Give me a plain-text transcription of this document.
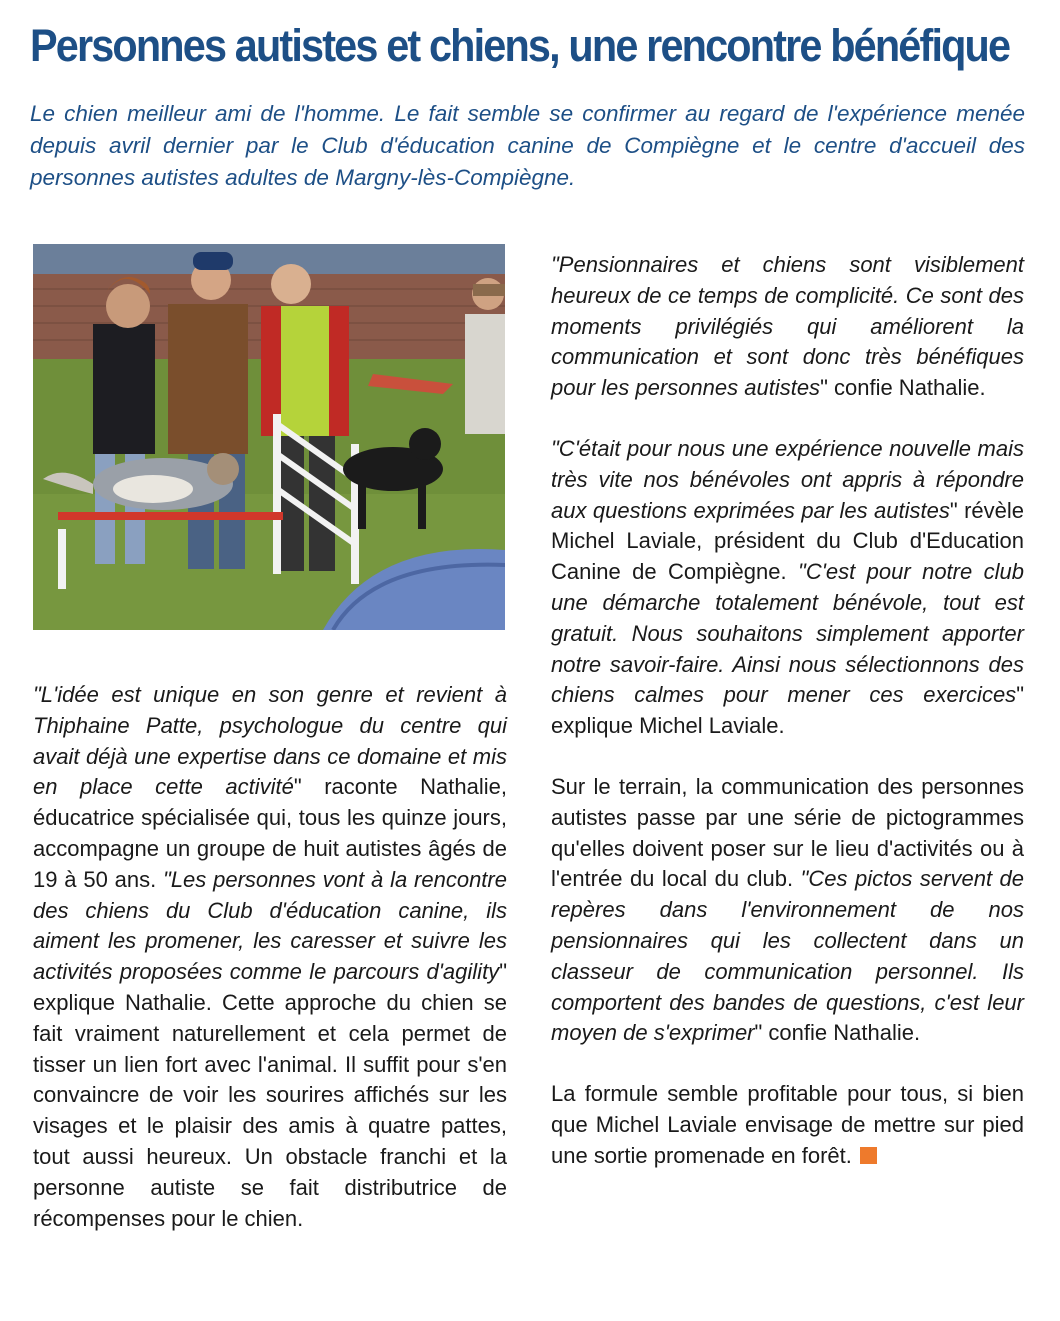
Personnes autistes et chiens, une rencontre bénéfique

Le chien meilleur ami de l'homme. Le fait semble se confirmer au regard de l'expérience menée depuis avril dernier par le Club d'éducation canine de Compiègne et le centre d'accueil des personnes autistes adultes de Margny-lès-Compiègne.

"L'idée est unique en son genre et revient à Thiphaine Patte, psychologue du centre qui avait déjà une expertise dans ce domaine et mis en place cette activité" raconte Nathalie, éducatrice spécialisée qui, tous les quinze jours, accompagne un groupe de huit autistes âgés de 19 à 50 ans. "Les personnes vont à la rencontre des chiens du Club d'éducation canine, ils aiment les promener, les caresser et suivre les activités proposées comme le parcours d'agility" explique Nathalie. Cette approche du chien se fait vraiment naturellement et cela permet de tisser un lien fort avec l'animal. Il suffit pour s'en convaincre de voir les sourires affichés sur les visages et le plaisir des amis à quatre pattes, tout aussi heureux. Un obstacle franchi et la personne autiste se fait distributrice de récompenses pour le chien.

"Pensionnaires et chiens sont visiblement heureux de ce temps de complicité. Ce sont des moments privilégiés qui améliorent la communication et sont donc très bénéfiques pour les personnes autistes" confie Nathalie.

"C'était pour nous une expérience nouvelle mais très vite nos bénévoles ont appris à répondre aux questions exprimées par les autistes" révèle Michel Laviale, président du Club d'Education Canine de Compiègne. "C'est pour notre club une démarche totalement bénévole, tout est gratuit. Nous souhaitons simplement apporter notre savoir-faire. Ainsi nous sélectionnons des chiens calmes pour mener ces exercices" explique Michel Laviale.

Sur le terrain, la communication des personnes autistes passe par une série de pictogrammes qu'elles doivent poser sur le lieu d'activités ou à l'entrée du local du club. "Ces pictos servent de repères dans l'environnement de nos pensionnaires qui les collectent dans un classeur de communication personnel. Ils comportent des bandes de questions, c'est leur moyen de s'exprimer" confie Nathalie.

La formule semble profitable pour tous, si bien que Michel Laviale envisage de mettre sur pied une sortie promenade en forêt.
